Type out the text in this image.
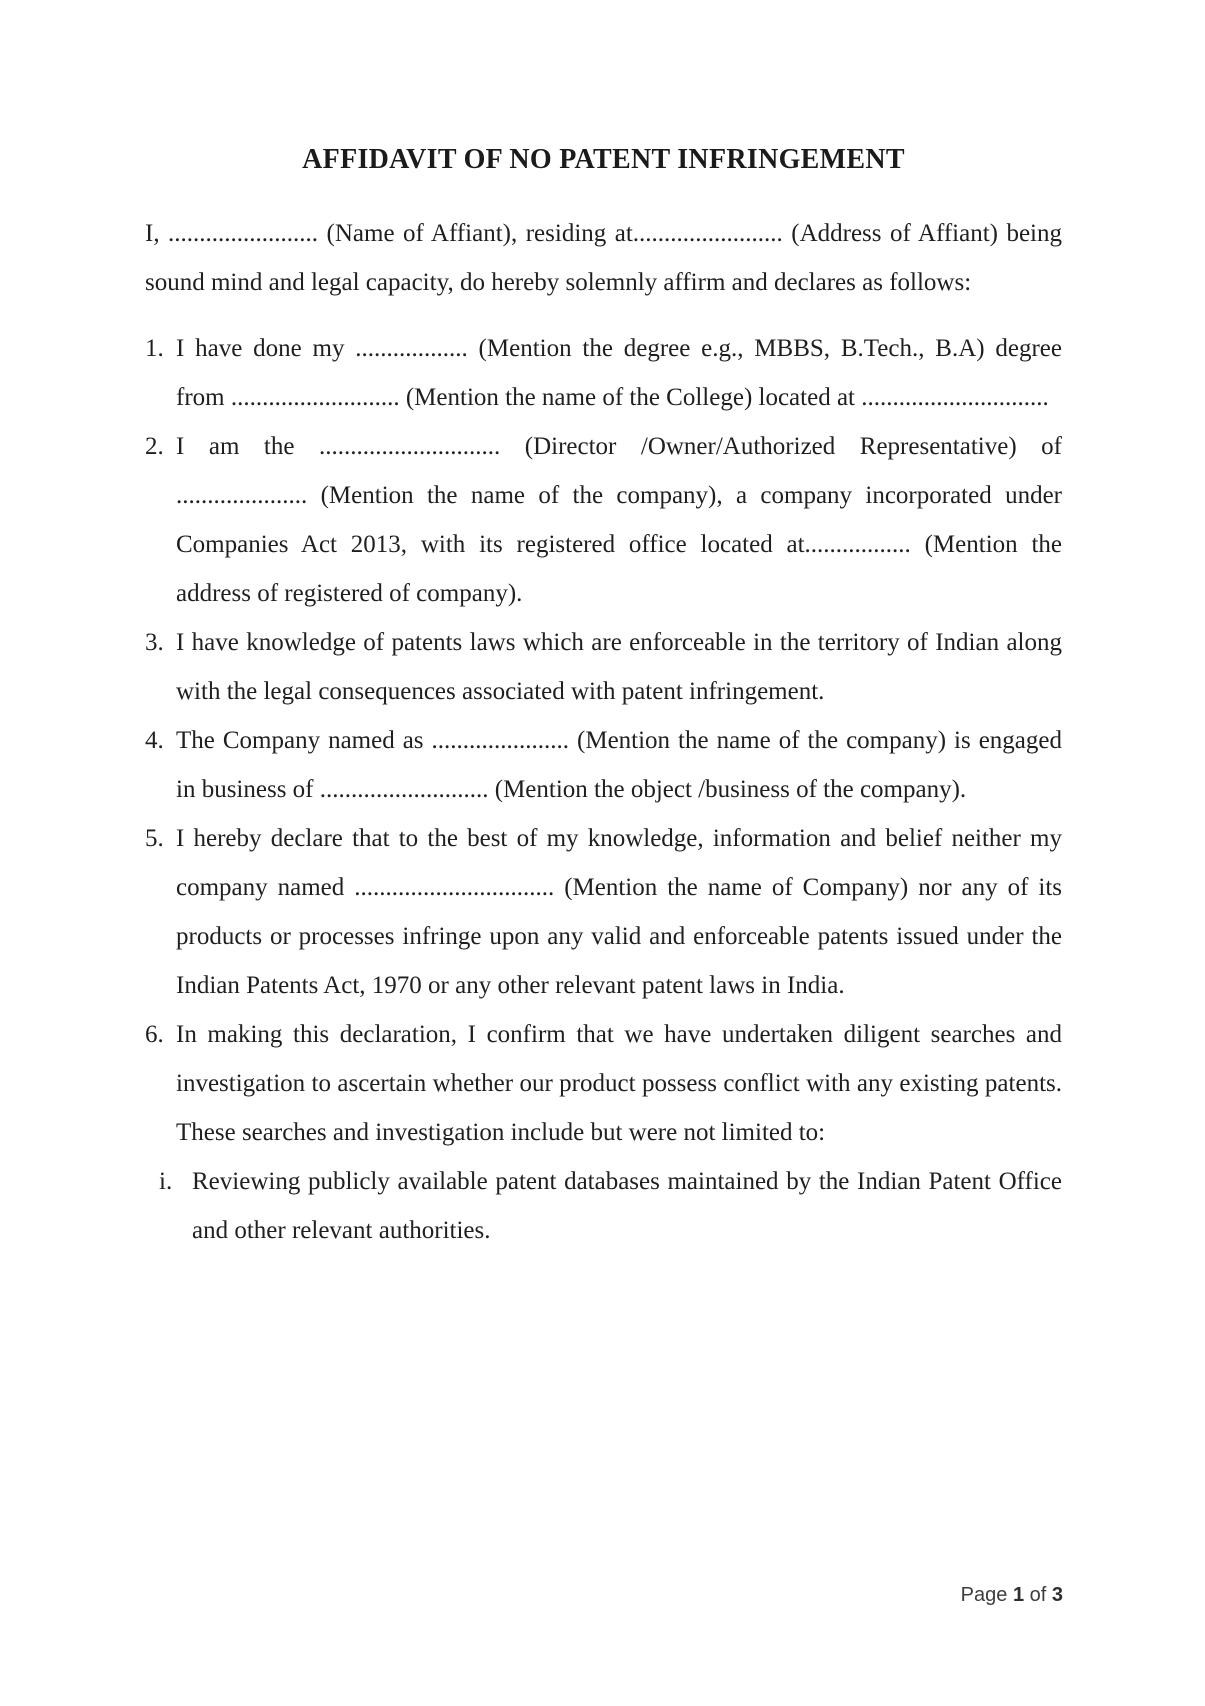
AFFIDAVIT OF NO PATENT INFRINGEMENT

I, ........................ (Name of Affiant), residing at........................ (Address of Affiant) being sound mind and legal capacity, do hereby solemnly affirm and declares as follows:

1. I have done my .................. (Mention the degree e.g., MBBS, B.Tech., B.A) degree from ........................... (Mention the name of the College) located at ..............................
2. I am the ............................. (Director /Owner/Authorized Representative) of ..................... (Mention the name of the company), a company incorporated under Companies Act 2013, with its registered office located at................. (Mention the address of registered of company).
3. I have knowledge of patents laws which are enforceable in the territory of Indian along with the legal consequences associated with patent infringement.
4. The Company named as ...................... (Mention the name of the company) is engaged in business of ........................... (Mention the object /business of the company).
5. I hereby declare that to the best of my knowledge, information and belief neither my company named ................................ (Mention the name of Company) nor any of its products or processes infringe upon any valid and enforceable patents issued under the Indian Patents Act, 1970 or any other relevant patent laws in India.
6. In making this declaration, I confirm that we have undertaken diligent searches and investigation to ascertain whether our product possess conflict with any existing patents. These searches and investigation include but were not limited to:
i. Reviewing publicly available patent databases maintained by the Indian Patent Office and other relevant authorities.
Page 1 of 3
